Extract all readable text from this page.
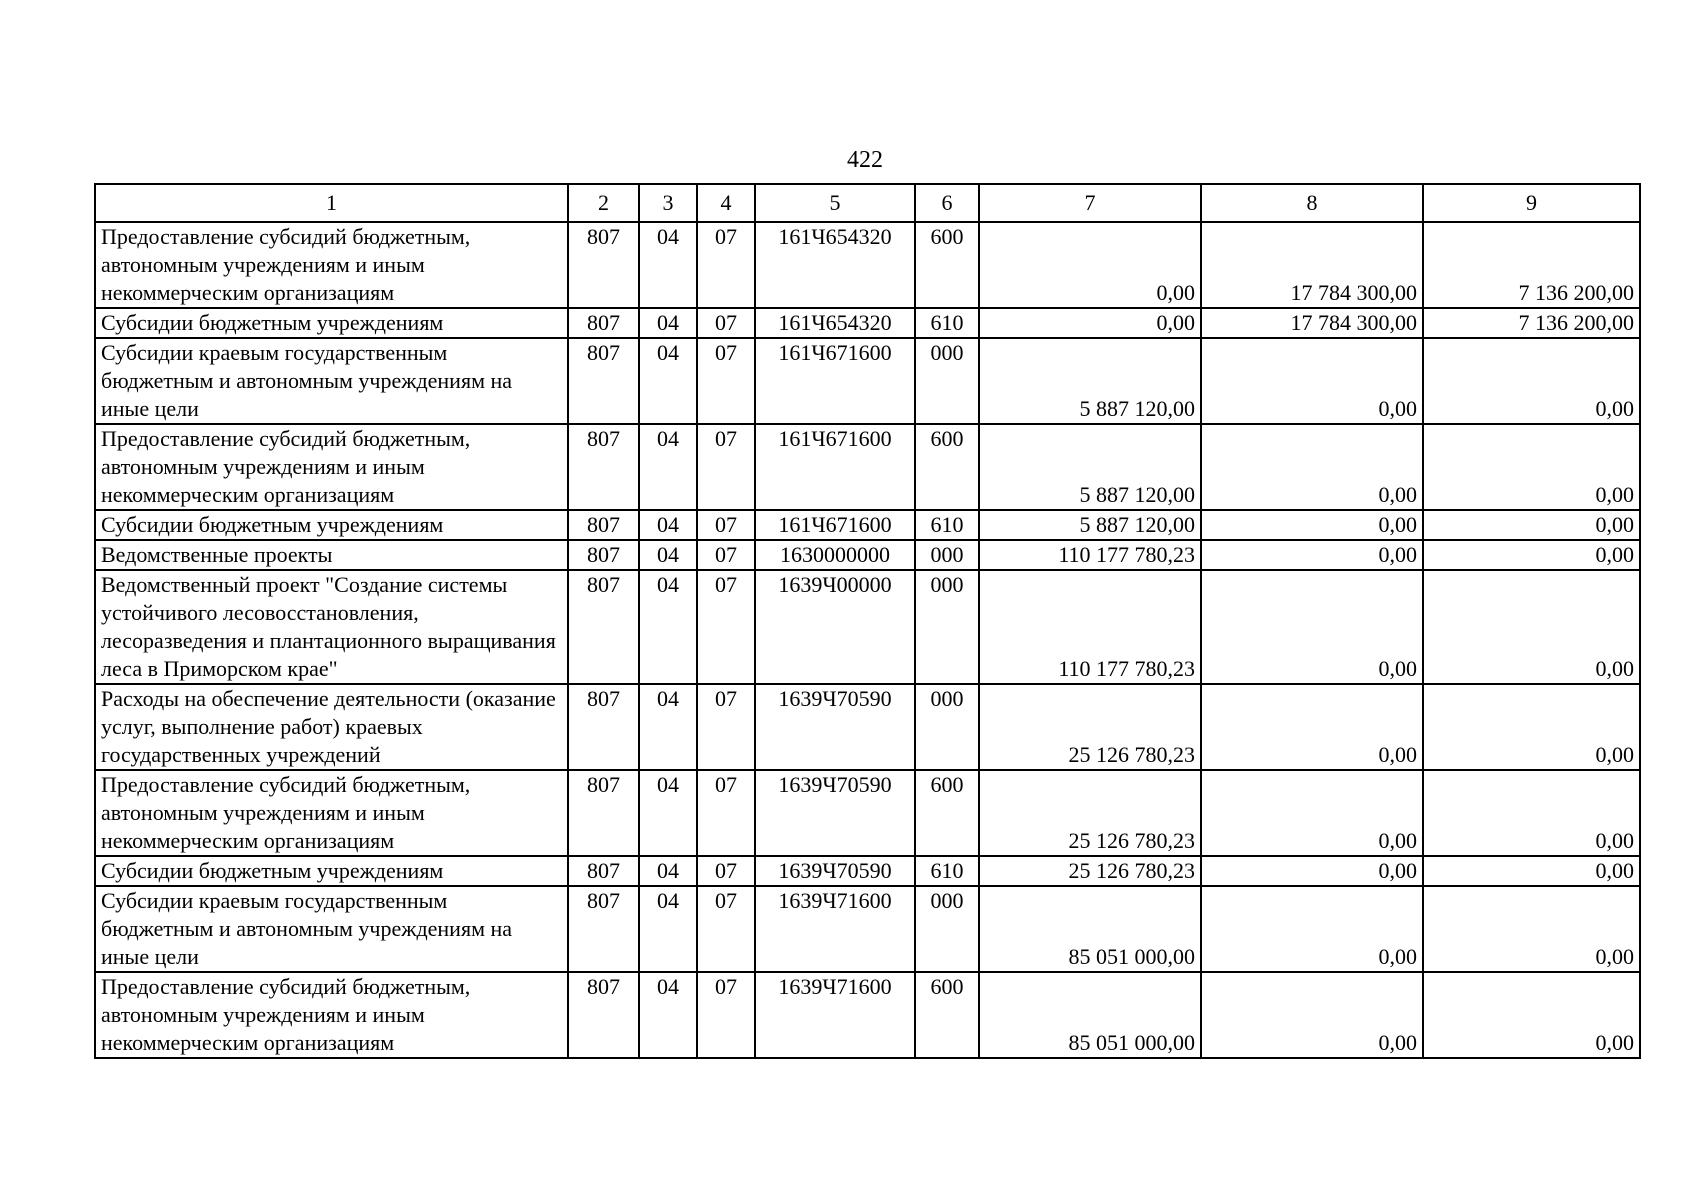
422
1	2	3	4	5	6	7	8	9
Предоставление субсидий бюджетным, автономным учреждениям и иным некоммерческим организациям	807	04	07	161Ч654320	600	0,00	17 784 300,00	7 136 200,00
Субсидии бюджетным учреждениям	807	04	07	161Ч654320	610	0,00	17 784 300,00	7 136 200,00
Субсидии краевым государственным бюджетным и автономным учреждениям на иные цели	807	04	07	161Ч671600	000	5 887 120,00	0,00	0,00
Предоставление субсидий бюджетным, автономным учреждениям и иным некоммерческим организациям	807	04	07	161Ч671600	600	5 887 120,00	0,00	0,00
Субсидии бюджетным учреждениям	807	04	07	161Ч671600	610	5 887 120,00	0,00	0,00
Ведомственные проекты	807	04	07	1630000000	000	110 177 780,23	0,00	0,00
Ведомственный проект "Создание системы устойчивого лесовосстановления, лесоразведения и плантационного выращивания леса в Приморском крае"	807	04	07	1639Ч00000	000	110 177 780,23	0,00	0,00
Расходы на обеспечение деятельности (оказание услуг, выполнение работ) краевых государственных учреждений	807	04	07	1639Ч70590	000	25 126 780,23	0,00	0,00
Предоставление субсидий бюджетным, автономным учреждениям и иным некоммерческим организациям	807	04	07	1639Ч70590	600	25 126 780,23	0,00	0,00
Субсидии бюджетным учреждениям	807	04	07	1639Ч70590	610	25 126 780,23	0,00	0,00
Субсидии краевым государственным бюджетным и автономным учреждениям на иные цели	807	04	07	1639Ч71600	000	85 051 000,00	0,00	0,00
Предоставление субсидий бюджетным, автономным учреждениям и иным некоммерческим организациям	807	04	07	1639Ч71600	600	85 051 000,00	0,00	0,00
